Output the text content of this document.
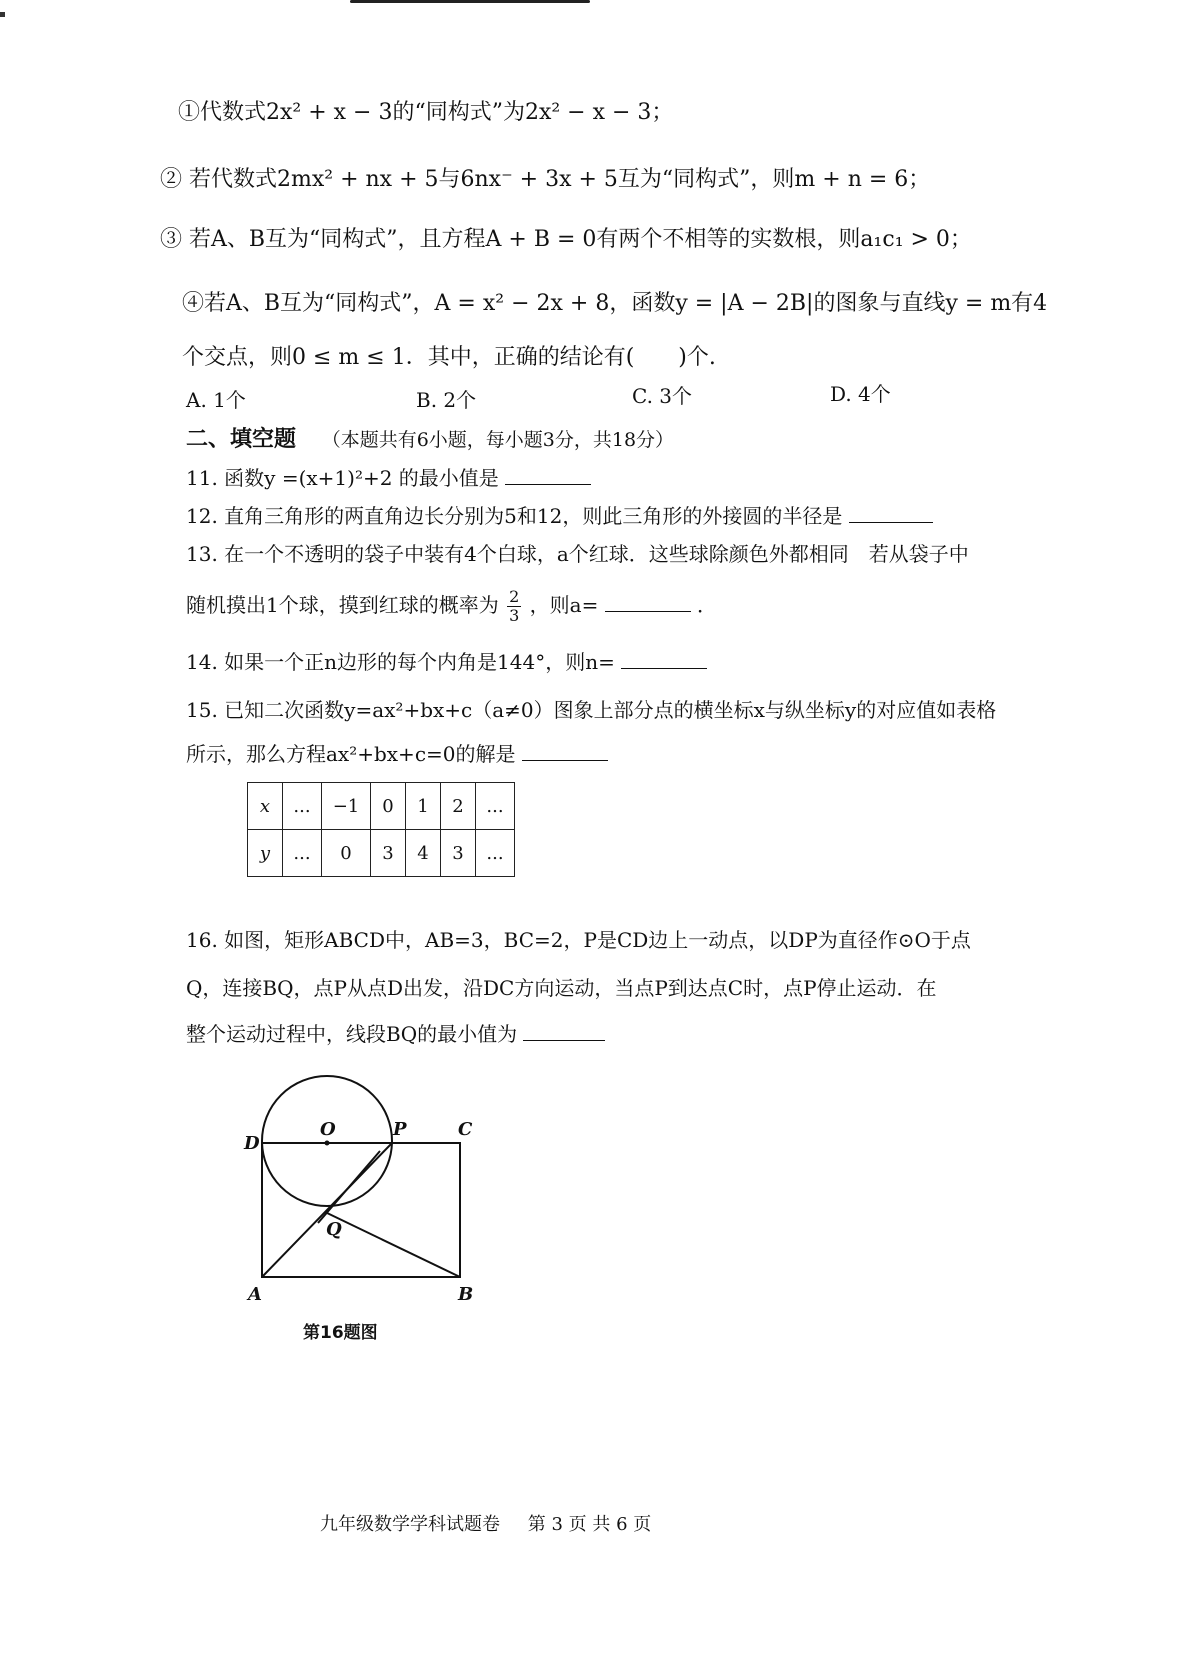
①代数式2x² + x − 3的“同构式”为2x² − x − 3；
② 若代数式2mx² + nx + 5与6nx⁻ + 3x + 5互为“同构式”，则m + n = 6；
③ 若A、B互为“同构式”，且方程A + B = 0有两个不相等的实数根，则a₁c₁ > 0；
④若A、B互为“同构式”，A = x² − 2x + 8，函数y = |A − 2B|的图象与直线y = m有4
个交点，则0 ≤ m ≤ 1．其中，正确的结论有(　　)个.
A. 1个	B. 2个	C. 3个	D. 4个
二、填空题 （本题共有6小题，每小题3分，共18分）
11. 函数y =(x+1)²+2 的最小值是
12. 直角三角形的两直角边长分别为5和12，则此三角形的外接圆的半径是
13. 在一个不透明的袋子中装有4个白球，a个红球．这些球除颜色外都相同　若从袋子中
随机摸出1个球，摸到红球的概率为 $\frac{2}{3}$ ，则a=	．
14. 如果一个正n边形的每个内角是144°，则n=
15. 已知二次函数y=ax²+bx+c（a≠0）图象上部分点的横坐标x与纵坐标y的对应值如表格
所示，那么方程ax²+bx+c=0的解是
x	...	−1	0	1	2	...
y	...	0	3	4	3	...
16. 如图，矩形ABCD中，AB=3，BC=2，P是CD边上一动点，以DP为直径作⊙O于点
Q，连接BQ，点P从点D出发，沿DC方向运动，当点P到达点C时，点P停止运动．在
整个运动过程中，线段BQ的最小值为
D
O	P	C
Q
A	B
第16题图
九年级数学学科试题卷 第 3 页 共 6 页
